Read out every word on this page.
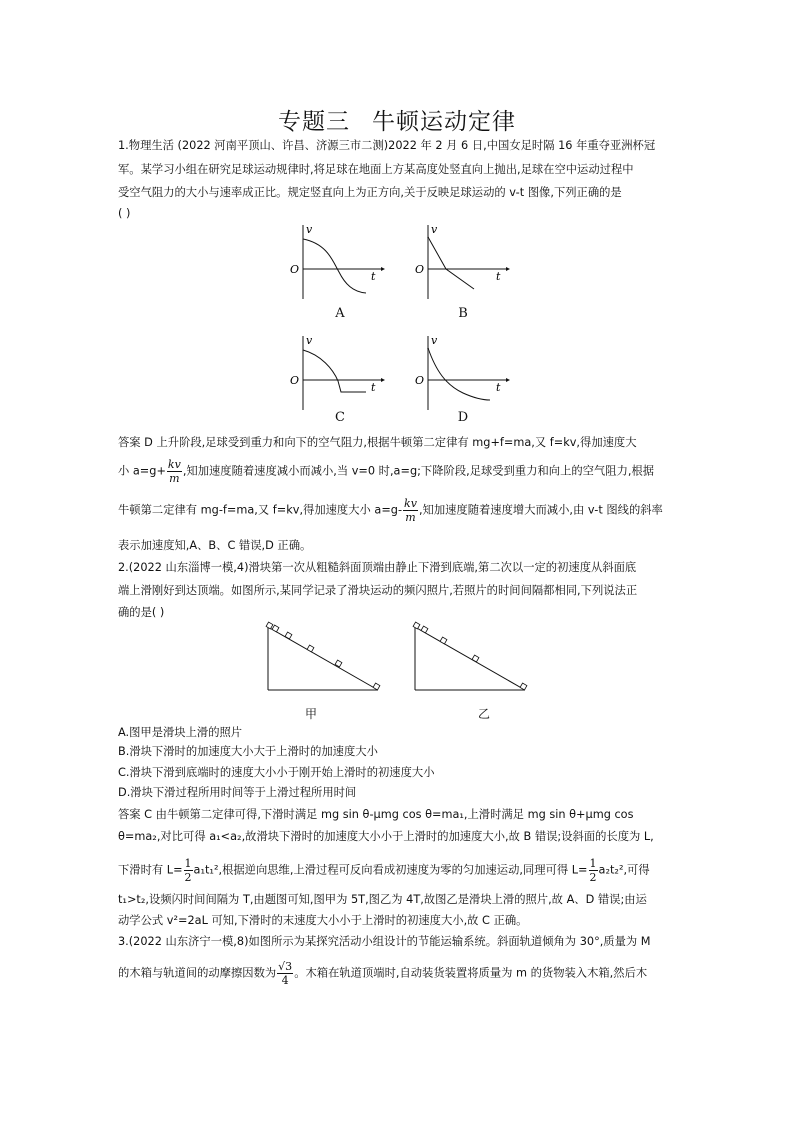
专题三 牛顿运动定律
1.物理生活 (2022 河南平顶山、许昌、济源三市二测)2022 年 2 月 6 日,中国女足时隔 16 年重夺亚洲杯冠
军。某学习小组在研究足球运动规律时,将足球在地面上方某高度处竖直向上抛出,足球在空中运动过程中
受空气阻力的大小与速率成正比。规定竖直向上为正方向,关于反映足球运动的 v-t 图像,下列正确的是
( )
O
v
t
A
O
v
t
B
O
v
t
C
O
v
t
D
答案 D 上升阶段,足球受到重力和向下的空气阻力,根据牛顿第二定律有 mg+f=ma,又 f=kv,得加速度大
小 $a=g+ \frac{kv}{m}$ ,知加速度随着速度减小而减小,当 v=0 时,a=g;下降阶段,足球受到重力和向上的空气阻力,根据
牛顿第二定律有 mg-f=ma,又 f=kv,得加速度大小 $a=g- \frac{kv}{m}$ ,知加速度随着速度增大而减小,由 v-t 图线的斜率
表示加速度知,A、B、C 错误,D 正确。
2.(2022 山东淄博一模,4)滑块第一次从粗糙斜面顶端由静止下滑到底端,第二次以一定的初速度从斜面底
端上滑刚好到达顶端。如图所示,某同学记录了滑块运动的频闪照片,若照片的时间间隔都相同,下列说法正
确的是( )
甲	乙
A.图甲是滑块上滑的照片
B.滑块下滑时的加速度大小大于上滑时的加速度大小
C.滑块下滑到底端时的速度大小小于刚开始上滑时的初速度大小
D.滑块下滑过程所用时间等于上滑过程所用时间
答案 C 由牛顿第二定律可得,下滑时满足 mg sin θ-μmg cos θ=ma₁,上滑时满足 mg sin θ+μmg cos
θ=ma₂,对比可得 a₁<a₂,故滑块下滑时的加速度大小小于上滑时的加速度大小,故 B 错误;设斜面的长度为 L,
下滑时有 $L= \frac{1}{2} a_1t_1^2$,根据逆向思维,上滑过程可反向看成初速度为零的匀加速运动,同理可得 $L= \frac{1}{2} a_2t_2^2$,可得
t₁>t₂,设频闪时间间隔为 T,由题图可知,图甲为 5T,图乙为 4T,故图乙是滑块上滑的照片,故 A、D 错误;由运
动学公式 v²=2aL 可知,下滑时的末速度大小小于上滑时的初速度大小,故 C 正确。
3.(2022 山东济宁一模,8)如图所示为某探究活动小组设计的节能运输系统。斜面轨道倾角为 30°,质量为 M
的木箱与轨道间的动摩擦因数为 $\frac{√3}{4}$ 。木箱在轨道顶端时,自动装货装置将质量为 m 的货物装入木箱,然后木
